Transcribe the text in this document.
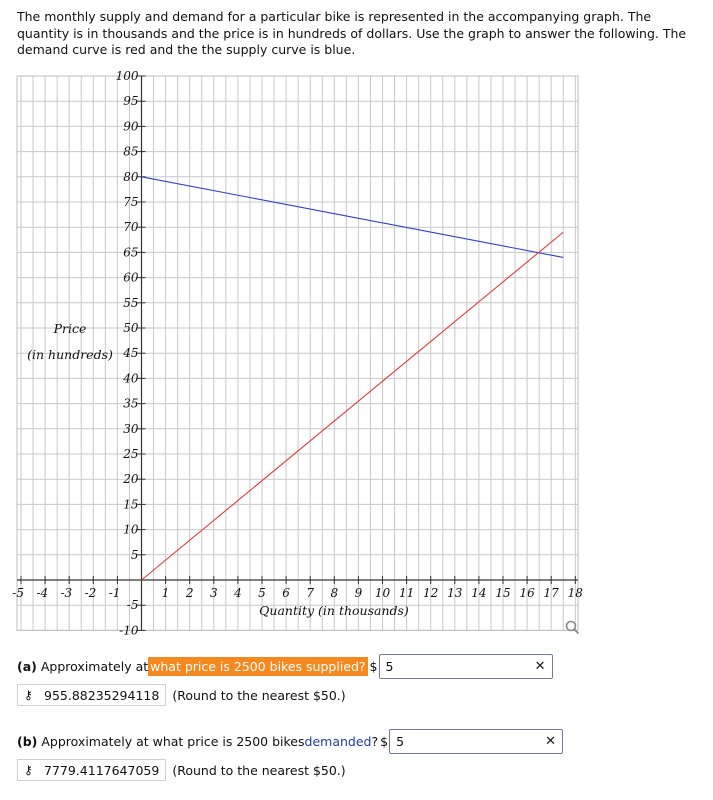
The monthly supply and demand for a particular bike is represented in the accompanying graph. The quantity is in thousands and the price is in hundreds of dollars. Use the graph to answer the following. The demand curve is red and the the supply curve is blue.
100
95
90
85
80
75
70
65
60
55
50
45
40
35
30
25
20
15
10
5
-5
-10
-5 -4 -3 -2 -1	1 2 3 4 5 6 7 8 9 10 11 12 13 14 15 16 17 18
Price
(in hundreds)
Quantity (in thousands)
(a) Approximately at what price is 2500 bikes supplied? $ 5	✕
⚷ 955.88235294118 (Round to the nearest $50.)
(b) Approximately at what price is 2500 bikes demanded ? $ 5	✕
⚷ 7779.4117647059 (Round to the nearest $50.)
